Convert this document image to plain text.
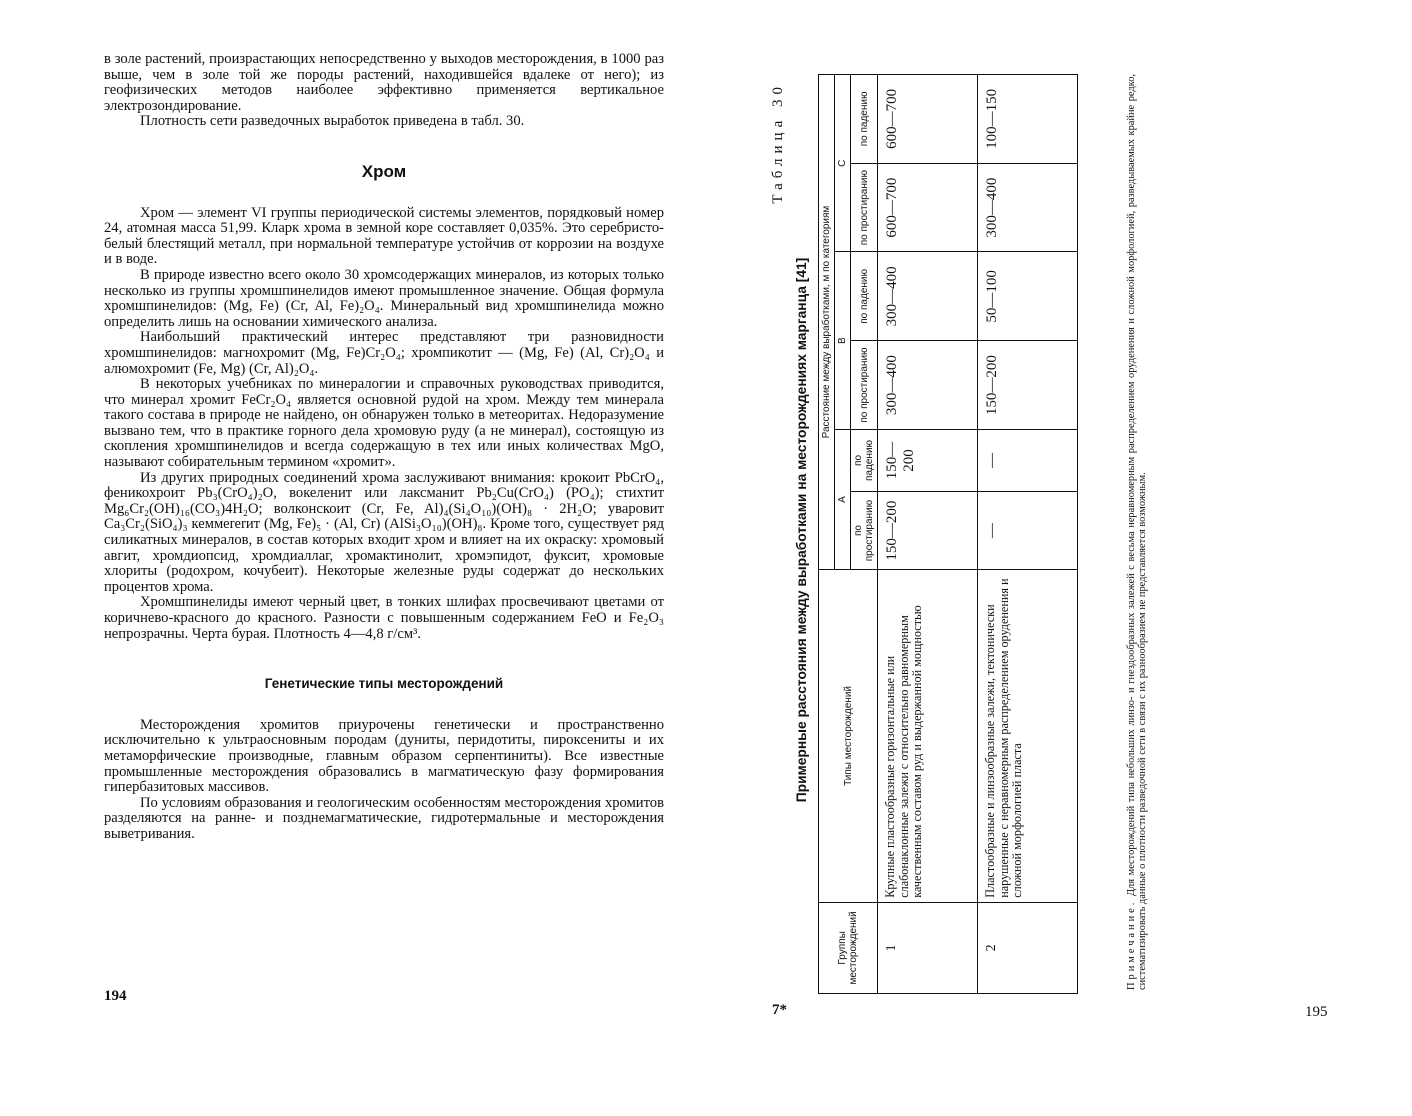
в золе растений, произрастающих непосредственно у выходов месторождения, в 1000 раз выше, чем в золе той же породы растений, находившейся вдалеке от него); из геофизических методов наиболее эффективно применяется вертикальное электрозондирование.

Плотность сети разведочных выработок приведена в табл. 30.

Хром

Хром — элемент VI группы периодической системы элементов, порядковый номер 24, атомная масса 51,99. Кларк хрома в земной коре составляет 0,035%. Это серебристо-белый блестящий металл, при нормальной температуре устойчив от коррозии на воздухе и в воде.

В природе известно всего около 30 хромсодержащих минералов, из которых только несколько из группы хромшпинелидов имеют промышленное значение. Общая формула хромшпинелидов: (Mg, Fe) (Cr, Al, Fe)₂O₄. Минеральный вид хромшпинелида можно определить лишь на основании химического анализа.

Наибольший практический интерес представляют три разновидности хромшпинелидов: магнохромит (Mg, Fe)Cr₂O₄; хромпикотит — (Mg, Fe) (Al, Cr)₂O₄ и алюмохромит (Fe, Mg) (Cr, Al)₂O₄.

В некоторых учебниках по минералогии и справочных руководствах приводится, что минерал хромит FeCr₂O₄ является основной рудой на хром. Между тем минерала такого состава в природе не найдено, он обнаружен только в метеоритах. Недоразумение вызвано тем, что в практике горного дела хромовую руду (а не минерал), состоящую из скопления хромшпинелидов и всегда содержащую в тех или иных количествах MgO, называют собирательным термином «хромит».

Из других природных соединений хрома заслуживают внимания: крокоит PbCrO₄, феникохроит Pb₃(CrO₄)₂O, вокеленит или лаксманит Pb₂Cu(CrO₄) (PO₄); стихтит Mg₆Cr₂(OH)₁₆(CO₃)4H₂O; волконскоит (Cr, Fe, Al)₄(Si₄O₁₀)(OH)₈ · 2H₂O; уваровит Ca₃Cr₂(SiO₄)₃ кеммererит (Mg, Fe)₅ · (Al, Cr) (AlSi₃O₁₀)(OH)₈. Кроме того, существует ряд силикатных минералов, в состав которых входит хром и влияет на их окраску: хромовый авгит, хромдиопсид, хромдиаллаг, хромактинолит, хромэпидот, фуксит, хромовые хлориты (родохром, кочубеит). Некоторые железные руды содержат до нескольких процентов хрома.

Хромшпинелиды имеют черный цвет, в тонких шлифах просвечивают цветами от коричнево-красного до красного. Разности с повышенным содержанием FeO и Fe₂O₃ непрозрачны. Черта бурая. Плотность 4—4,8 г/см³.

Генетические типы месторождений

Месторождения хромитов приурочены генетически и пространственно исключительно к ультраосновным породам (дуниты, перидотиты, пироксениты и их метаморфические производные, главным образом серпентиниты). Все известные промышленные месторождения образовались в магматическую фазу формирования гипербазитовых массивов.

По условиям образования и геологическим особенностям месторождения хромитов разделяются на ранне- и позднемагматические, гидротермальные и месторождения выветривания.

194
Таблица 30
Примерные расстояния между выработками на месторождениях марганца [41]
Группы месторождений	Типы месторождений	Расстояние между выработками, м по категориям					
		A		B		C	
		по простиранию	по падению	по простиранию	по падению	по простиранию	по падению
1	Крупные пластообразные горизонтальные или слабонаклонные залежи с относительно равномерным качественным составом руд и выдержанной мощностью	150—200	150—200	300—400	300—400	600—700	600—700
2	Пластообразные и линзообразные залежи, тектонически нарушенные с неравномерным распределением оруденения и сложной морфологией пласта	—	—	150—200	50—100	300—400	100—150
Примечание. Для месторождений типа небольших линзо- и гнездообразных залежей с весьма неравномерным распределением оруденения и сложной морфологией, разведываемых крайне редко, систематизировать данные о плотности разведочной сети в связи с их разнообразием не представляется возможным.
7*	195
